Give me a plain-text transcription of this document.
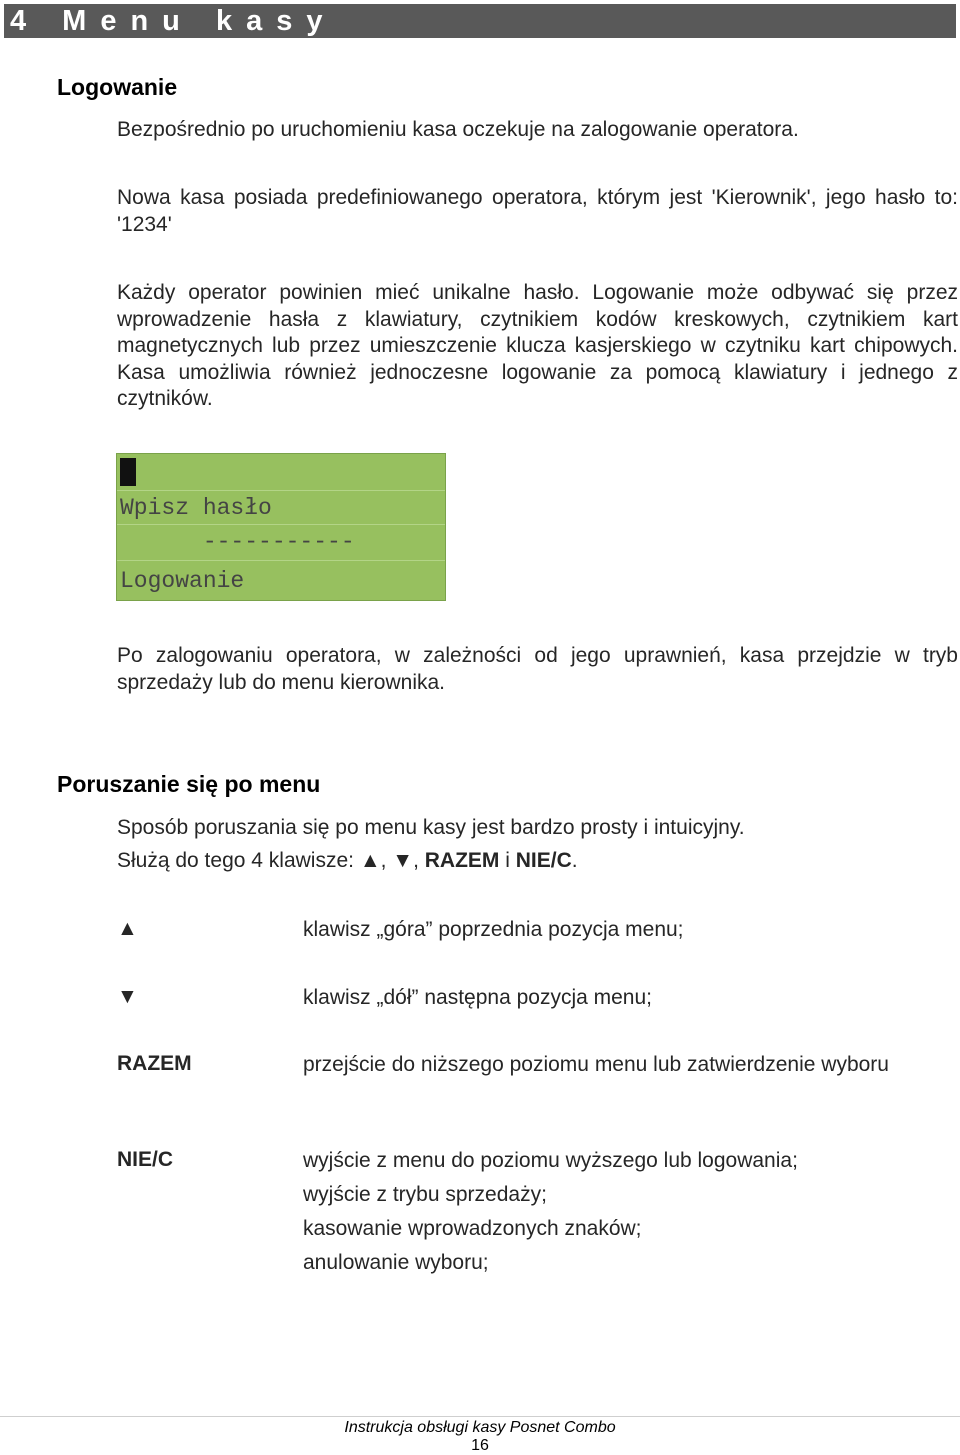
4 Menu kasy
Logowanie
Bezpośrednio po uruchomieniu kasa oczekuje na zalogowanie operatora.
Nowa kasa posiada predefiniowanego operatora, którym jest 'Kierownik', jego hasło to: '1234'
Każdy operator powinien mieć unikalne hasło. Logowanie może odbywać się przez wprowadzenie hasła z klawiatury, czytnikiem kodów kreskowych, czytnikiem kart magnetycznych lub przez umieszczenie klucza kasjerskiego w czytniku kart chipowych. Kasa umożliwia również jednoczesne logowanie za pomocą klawiatury i jednego z czytników.
Wpisz hasło
-----------
Logowanie
Po zalogowaniu operatora, w zależności od jego uprawnień, kasa przejdzie w tryb sprzedaży lub do menu kierownika.
Poruszanie się po menu
Sposób poruszania się po menu kasy jest bardzo prosty i intuicyjny.
Służą do tego 4 klawisze: ▲, ▼, RAZEM i NIE/C.
▲	klawisz „góra” poprzednia pozycja menu;
▼	klawisz „dół” następna pozycja menu;
RAZEM	przejście do niższego poziomu menu lub zatwierdzenie wyboru
NIE/C	wyjście z menu do poziomu wyższego lub logowania;
wyjście z trybu sprzedaży;
kasowanie wprowadzonych znaków;
anulowanie wyboru;
Instrukcja obsługi kasy Posnet Combo
16
